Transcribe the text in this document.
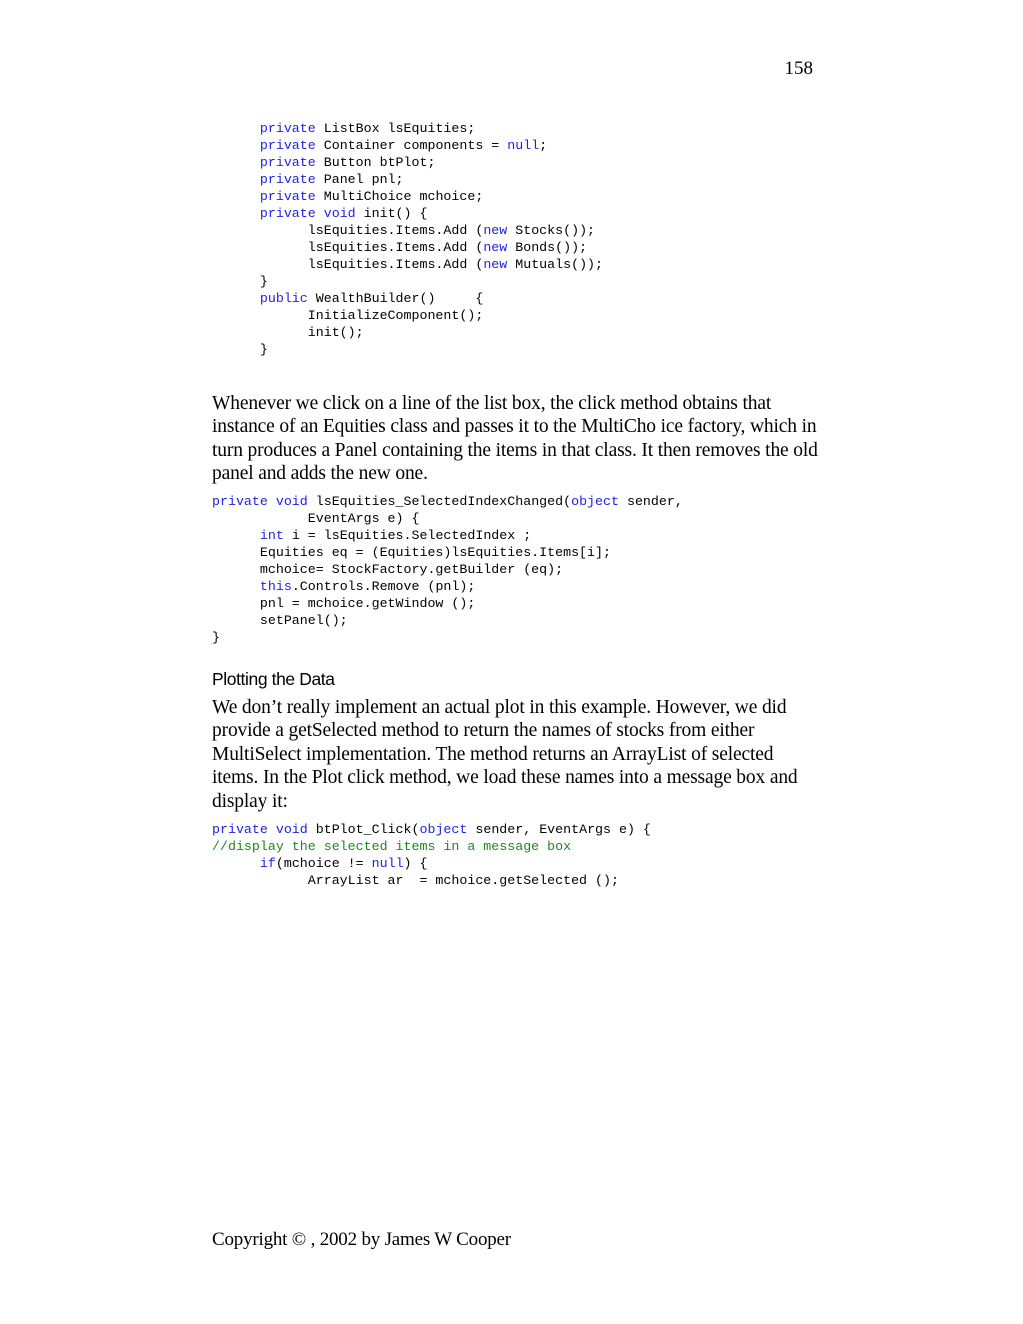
158
private ListBox lsEquities;
private Container components = null;
private Button btPlot;
private Panel pnl;
private MultiChoice mchoice;
private void init() {
lsEquities.Items.Add (new Stocks());
lsEquities.Items.Add (new Bonds());
lsEquities.Items.Add (new Mutuals());
}
public WealthBuilder()     {
InitializeComponent();
init();
}

Whenever we click on a line of the list box, the click method obtains that instance of an Equities class and passes it to the MultiCho ice factory, which in turn produces a Panel containing the items in that class. It then removes the old panel and adds the new one.

private void lsEquities_SelectedIndexChanged(object sender,
EventArgs e) {
int i = lsEquities.SelectedIndex ;
Equities eq = (Equities)lsEquities.Items[i];
mchoice= StockFactory.getBuilder (eq);
this.Controls.Remove (pnl);
pnl = mchoice.getWindow ();
setPanel();
}
Plotting the Data

We don’t really implement an actual plot in this example. However, we did provide a getSelected method to return the names of stocks from either MultiSelect implementation. The method returns an ArrayList of selected items. In the Plot click method, we load these names into a message box and display it:

private void btPlot_Click(object sender, EventArgs e) {
//display the selected items in a message box
if(mchoice != null) {
ArrayList ar  = mchoice.getSelected ();
Copyright © , 2002 by James W Cooper
